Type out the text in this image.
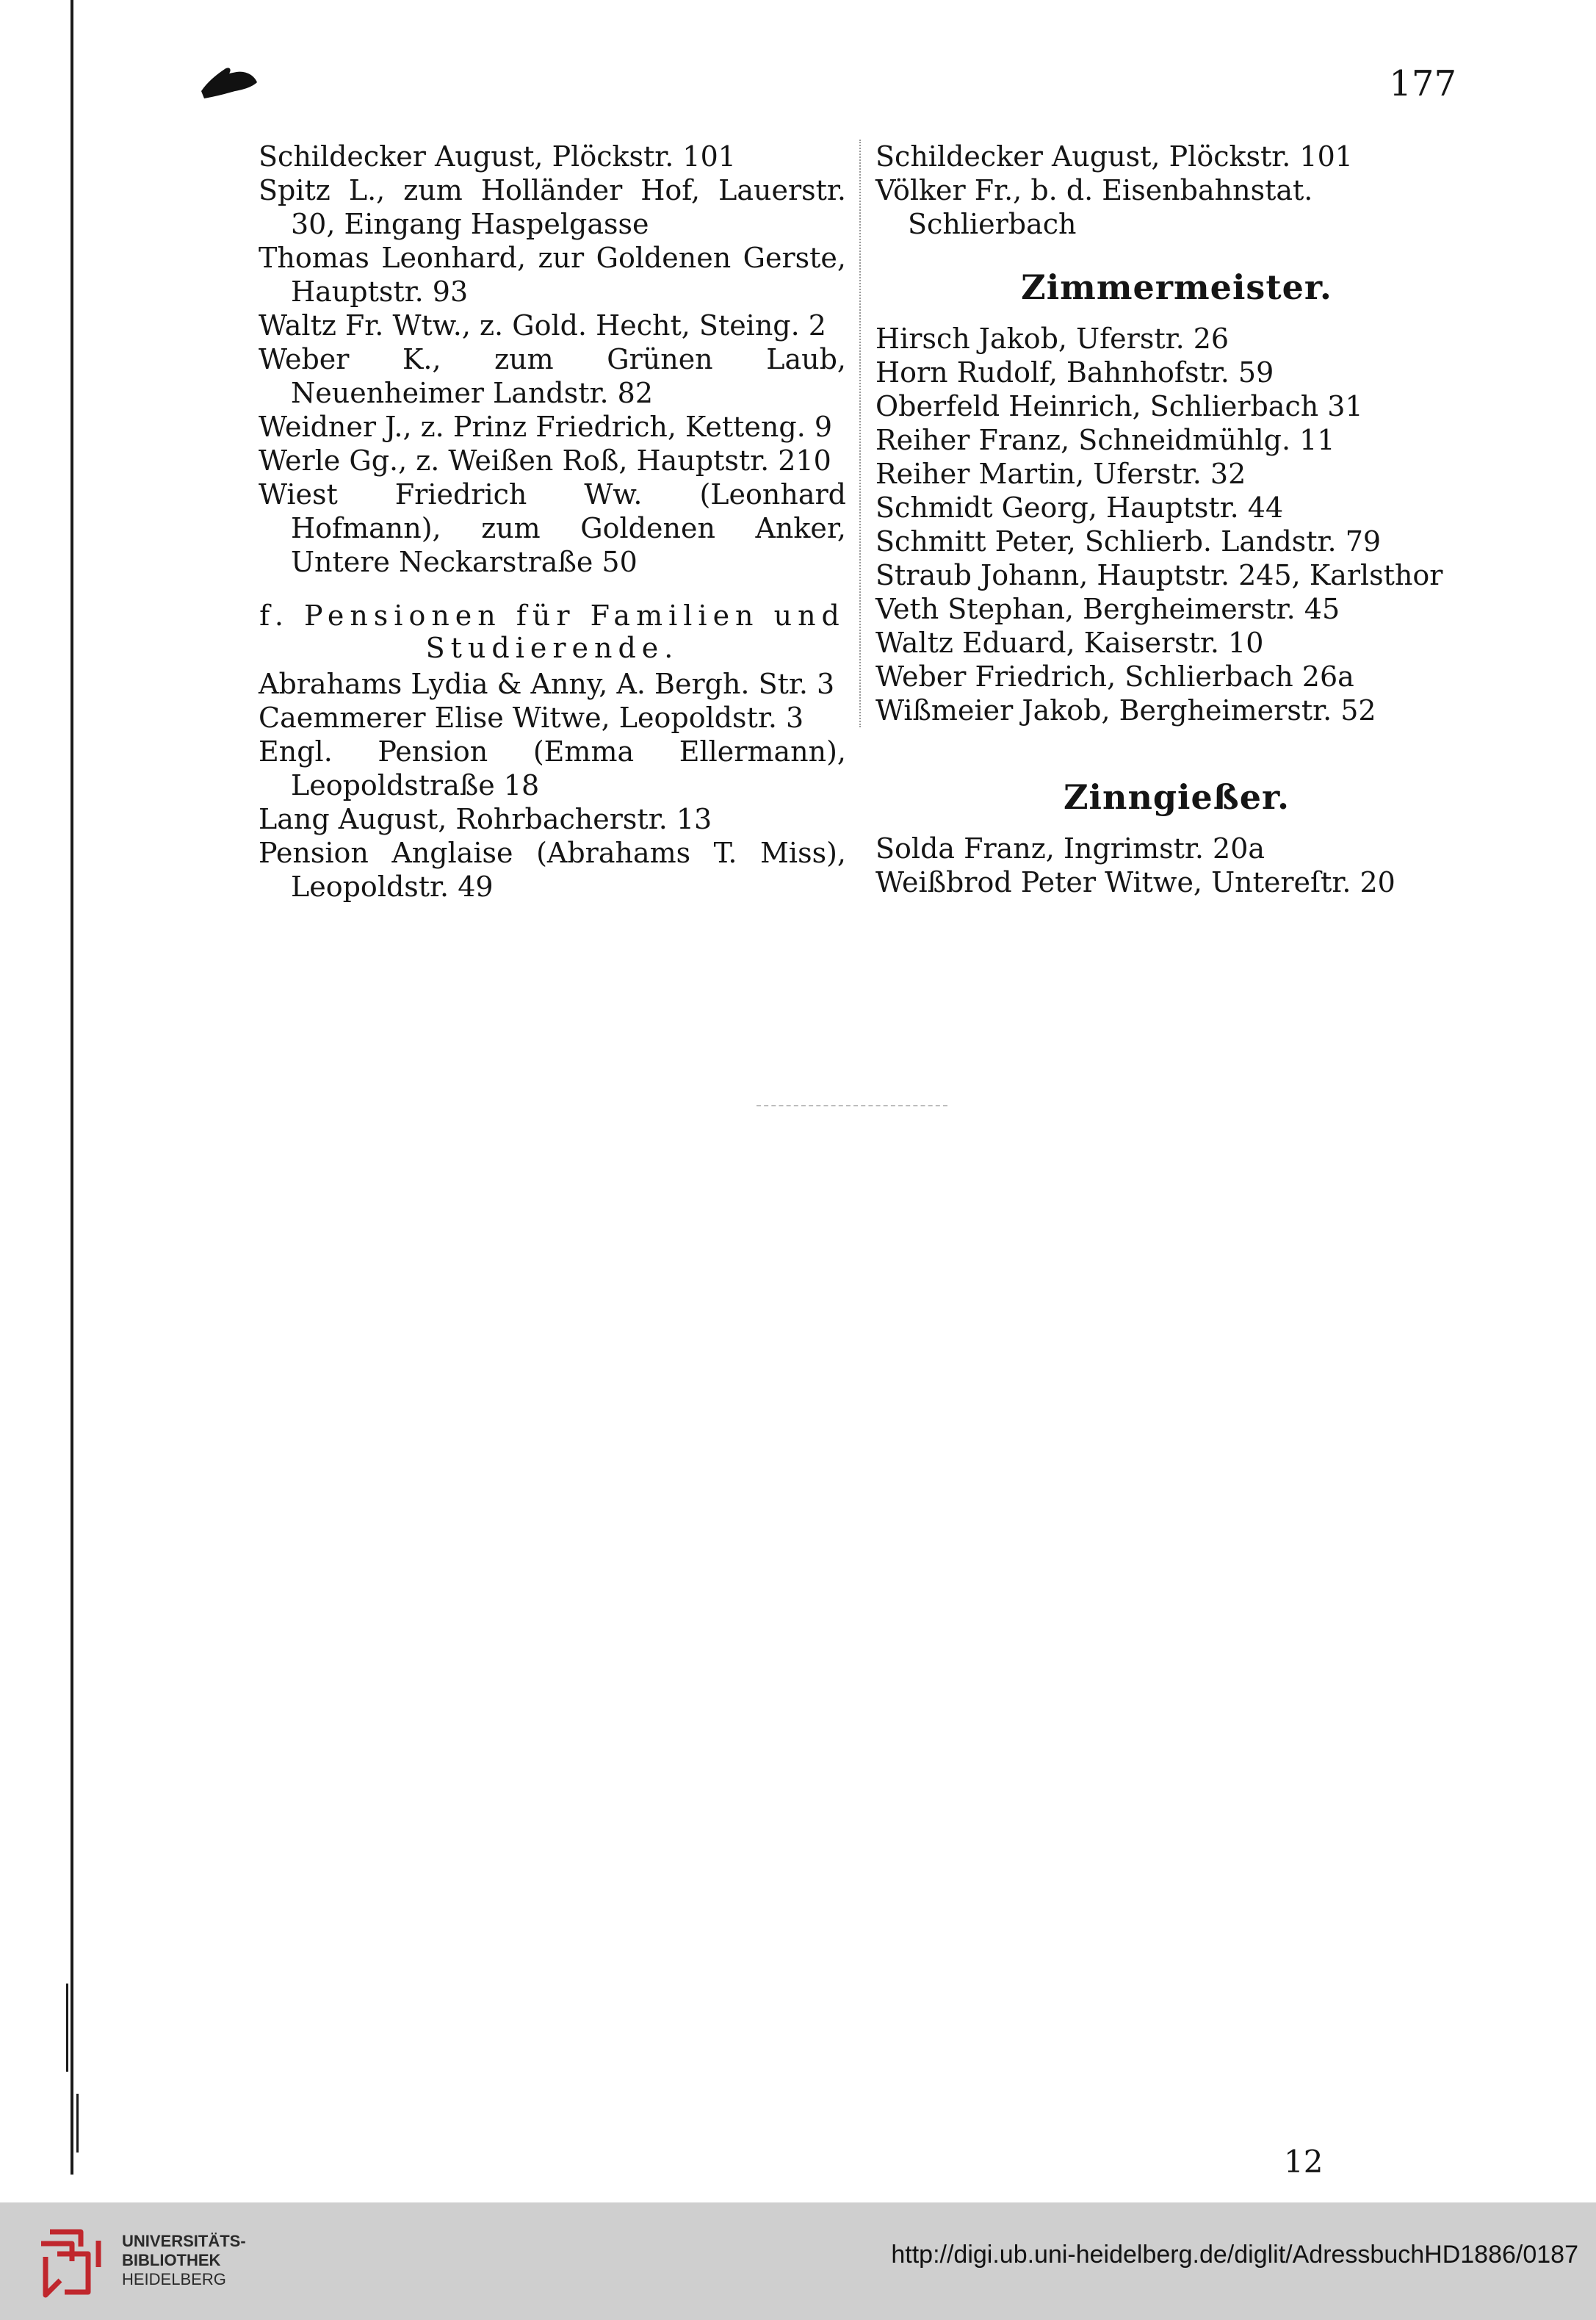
177
Schildecker August, Plöckstr. 101
Spitz L., zum Holländer Hof, Lauerstr. 30, Eingang Haspelgasse
Thomas Leonhard, zur Goldenen Gerste, Hauptstr. 93
Waltz Fr. Wtw., z. Gold. Hecht, Steing. 2
Weber K., zum Grünen Laub, Neuenheimer Landstr. 82
Weidner J., z. Prinz Friedrich, Ketteng. 9
Werle Gg., z. Weißen Roß, Hauptstr. 210
Wiest Friedrich Ww. (Leonhard Hofmann), zum Goldenen Anker, Untere Neckarstraße 50
f. Pensionen für Familien und Studierende.
Abrahams Lydia & Anny, A. Bergh. Str. 3
Caemmerer Elise Witwe, Leopoldstr. 3
Engl. Pension (Emma Ellermann), Leopoldstraße 18
Lang August, Rohrbacherstr. 13
Pension Anglaise (Abrahams T. Miss), Leopoldstr. 49
Schildecker August, Plöckstr. 101
Völker Fr., b. d. Eisenbahnstat. Schlierbach
Zimmermeister.
Hirsch Jakob, Uferstr. 26
Horn Rudolf, Bahnhofstr. 59
Oberfeld Heinrich, Schlierbach 31
Reiher Franz, Schneidmühlg. 11
Reiher Martin, Uferstr. 32
Schmidt Georg, Hauptstr. 44
Schmitt Peter, Schlierb. Landstr. 79
Straub Johann, Hauptstr. 245, Karlsthor
Veth Stephan, Bergheimerstr. 45
Waltz Eduard, Kaiserstr. 10
Weber Friedrich, Schlierbach 26a
Wißmeier Jakob, Bergheimerstr. 52
Zinngießer.
Solda Franz, Ingrimstr. 20a
Weißbrod Peter Witwe, Untereſtr. 20
12
UNIVERSITÄTS-
BIBLIOTHEK
HEIDELBERG
http://digi.ub.uni-heidelberg.de/diglit/AdressbuchHD1886/0187
